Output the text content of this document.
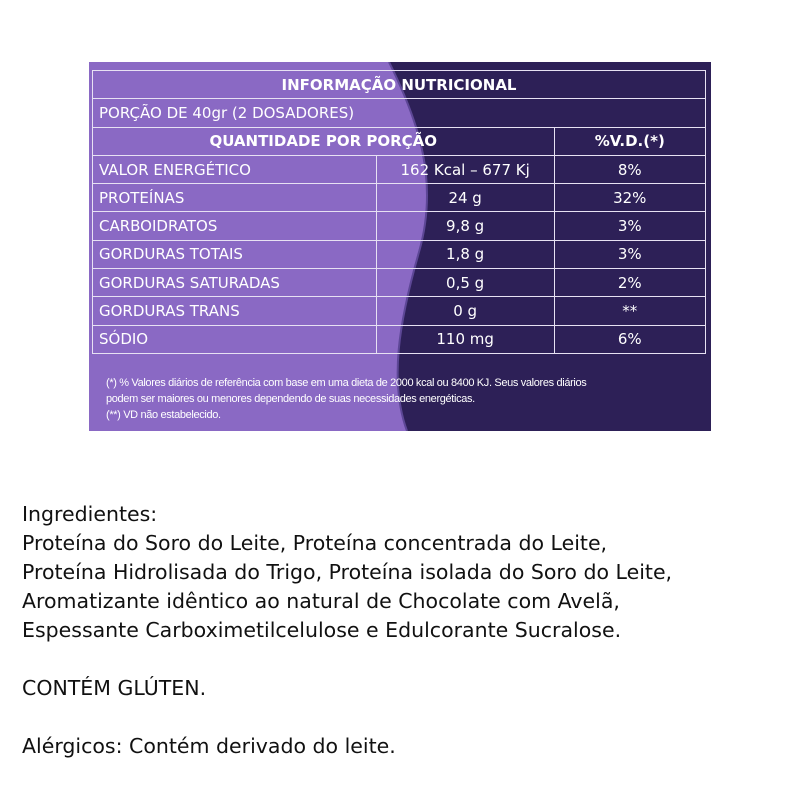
INFORMAÇÃO NUTRICIONAL		
PORÇÃO DE 40gr (2 DOSADORES)		
QUANTIDADE POR PORÇÃO		%V.D.(*)
VALOR ENERGÉTICO	162 Kcal – 677 Kj	8%
PROTEÍNAS	24 g	32%
CARBOIDRATOS	9,8 g	3%
GORDURAS TOTAIS	1,8 g	3%
GORDURAS SATURADAS	0,5 g	2%
GORDURAS TRANS	0 g	**
SÓDIO	110 mg	6%
(*) % Valores diários de referência com base em uma dieta de 2000 kcal ou 8400 KJ. Seus valores diários
podem ser maiores ou menores dependendo de suas necessidades energéticas.
(**) VD não estabelecido.
Ingredientes:
Proteína do Soro do Leite, Proteína concentrada do Leite,
Proteína Hidrolisada do Trigo, Proteína isolada do Soro do Leite,
Aromatizante idêntico ao natural de Chocolate com Avelã,
Espessante Carboximetilcelulose e Edulcorante Sucralose.
CONTÉM GLÚTEN.
Alérgicos: Contém derivado do leite.
